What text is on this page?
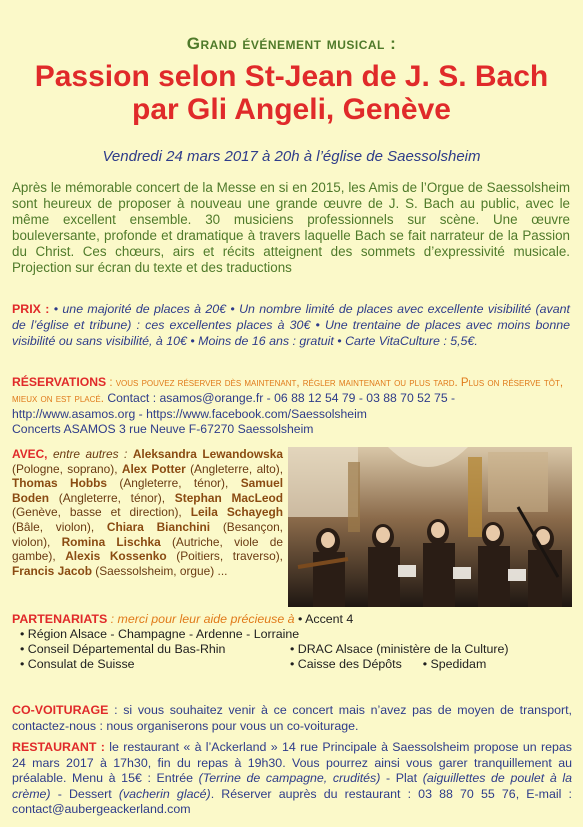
Grand événement musical :
Passion selon St-Jean de J. S. Bach
par Gli Angeli, Genève
Vendredi 24 mars 2017 à 20h à l’église de Saessolsheim
Après le mémorable concert de la Messe en si en 2015, les Amis de l’Orgue de Saessolsheim sont heureux de proposer à nouveau une grande œuvre de J. S. Bach au public, avec le même excellent ensemble. 30 musiciens professionnels sur scène. Une œuvre bouleversante, profonde et dramatique à travers laquelle Bach se fait narrateur de la Passion du Christ. Ces chœurs, airs et récits atteignent des sommets d’expressivité musicale. Projection sur écran du texte et des traductions
PRIX : • une majorité de places à 20€ • Un nombre limité de places avec excellente visibilité (avant de l’église et tribune) : ces excellentes places à 30€ • Une trentaine de places avec moins bonne visibilité ou sans visibilité, à 10€ • Moins de 16 ans : gratuit • Carte VitaCulture : 5,5€.
RÉSERVATIONS : vous pouvez réserver dès maintenant, régler maintenant ou plus tard. Plus on réserve tôt, mieux on est placé. Contact : asamos@orange.fr - 06 88 12 54 79 - 03 88 70 52 75 - http://www.asamos.org - https://www.facebook.com/Saessolsheim
Concerts ASAMOS 3 rue Neuve F-67270 Saessolsheim
AVEC, entre autres : Aleksandra Lewandowska (Pologne, soprano), Alex Potter (Angleterre, alto), Thomas Hobbs (Angleterre, ténor), Samuel Boden (Angleterre, ténor), Stephan MacLeod (Genève, basse et direction), Leila Schayegh (Bâle, violon), Chiara Bianchini (Besançon, violon), Romina Lischka (Autriche, viole de gambe), Alexis Kossenko (Poitiers, traverso), Francis Jacob (Saessolsheim, orgue) ...
PARTENARIATS : merci pour leur aide précieuse à • Accent 4
• Région Alsace - Champagne - Ardenne - Lorraine
• Conseil Départemental du Bas-Rhin	• DRAC Alsace (ministère de la Culture)
• Consulat de Suisse	• Caisse des Dépôts • Spedidam
CO-VOITURAGE : si vous souhaitez venir à ce concert mais n’avez pas de moyen de transport, contactez-nous : nous organiserons pour vous un co-voiturage.
RESTAURANT : le restaurant « à l’Ackerland » 14 rue Principale à Saessolsheim propose un repas 24 mars 2017 à 17h30, fin du repas à 19h30. Vous pourrez ainsi vous garer tranquillement au préalable. Menu à 15€ : Entrée (Terrine de campagne, crudités) - Plat (aiguillettes de poulet à la crème) - Dessert (vacherin glacé). Réserver auprès du restaurant : 03 88 70 55 76, E-mail : contact@aubergeackerland.com
